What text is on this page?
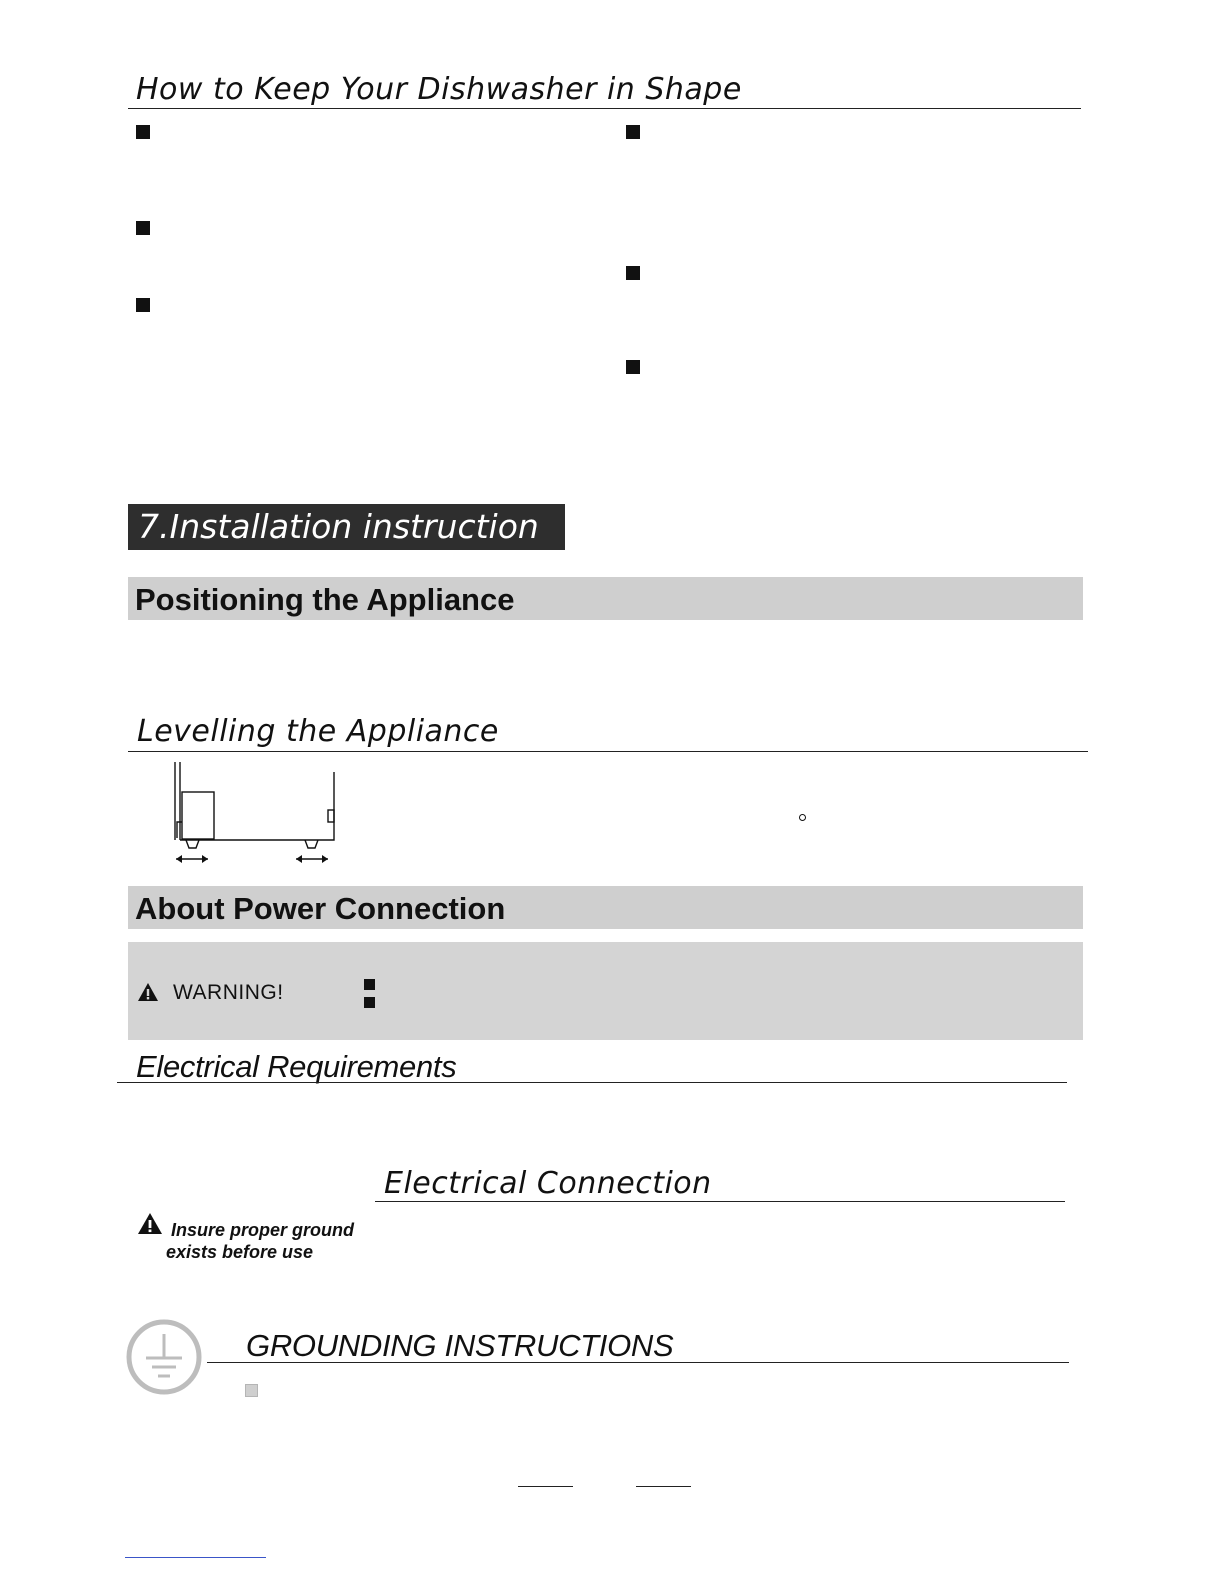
How to Keep Your Dishwasher in Shape
7.Installation instruction
Positioning the Appliance
Levelling the Appliance
About Power Connection
WARNING!
Electrical Requirements
Electrical Connection
Insure proper ground
exists before use
GROUNDING INSTRUCTIONS
